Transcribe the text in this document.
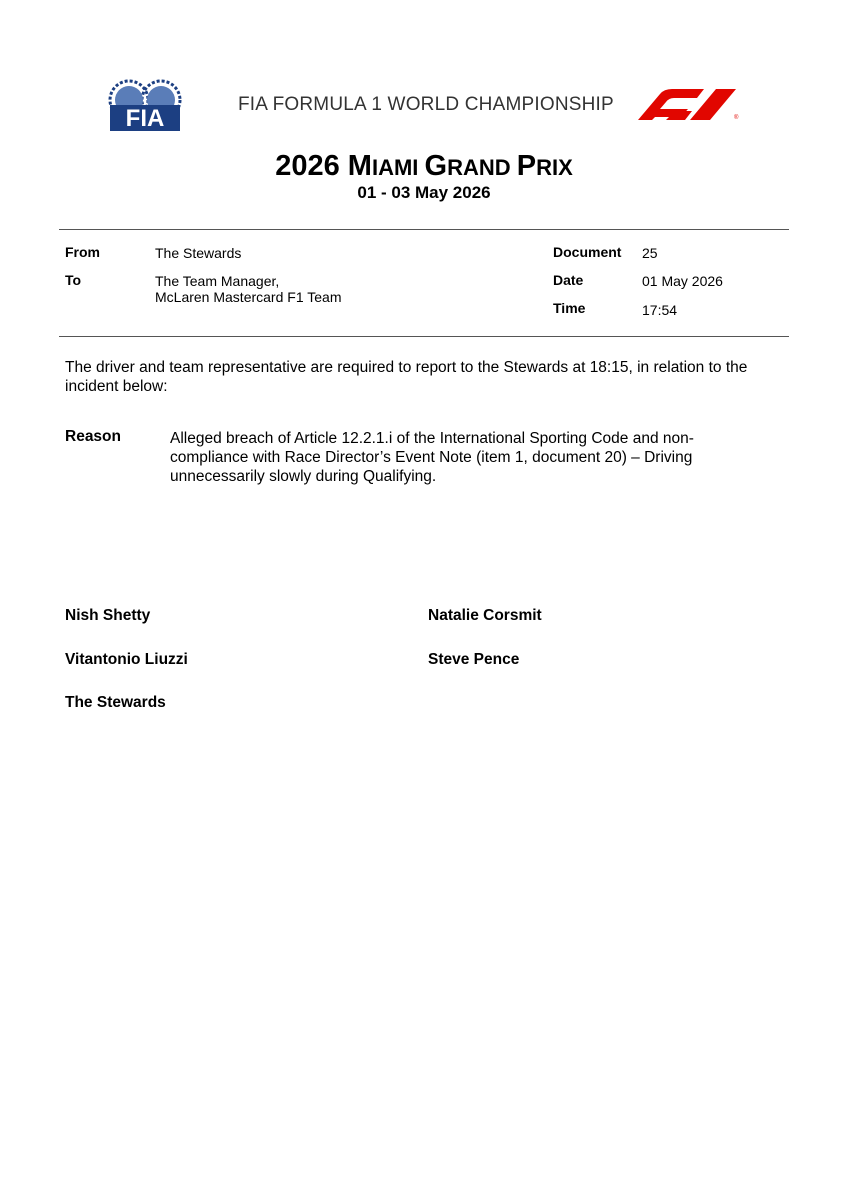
FIA
FIA FORMULA 1 WORLD CHAMPIONSHIP
®
2026 MIAMI GRAND PRIX
01 - 03 May 2026
From	The Stewards
To	The Team Manager,
McLaren Mastercard F1 Team
Document 25
Date	01 May 2026
Time	17:54
The driver and team representative are required to report to the Stewards at 18:15, in relation to the incident below:
Reason	Alleged breach of Article 12.2.1.i of the International Sporting Code and non-compliance with Race Director’s Event Note (item 1, document 20) – Driving unnecessarily slowly during Qualifying.
Nish Shetty	Natalie Corsmit
Vitantonio Liuzzi	Steve Pence
The Stewards
